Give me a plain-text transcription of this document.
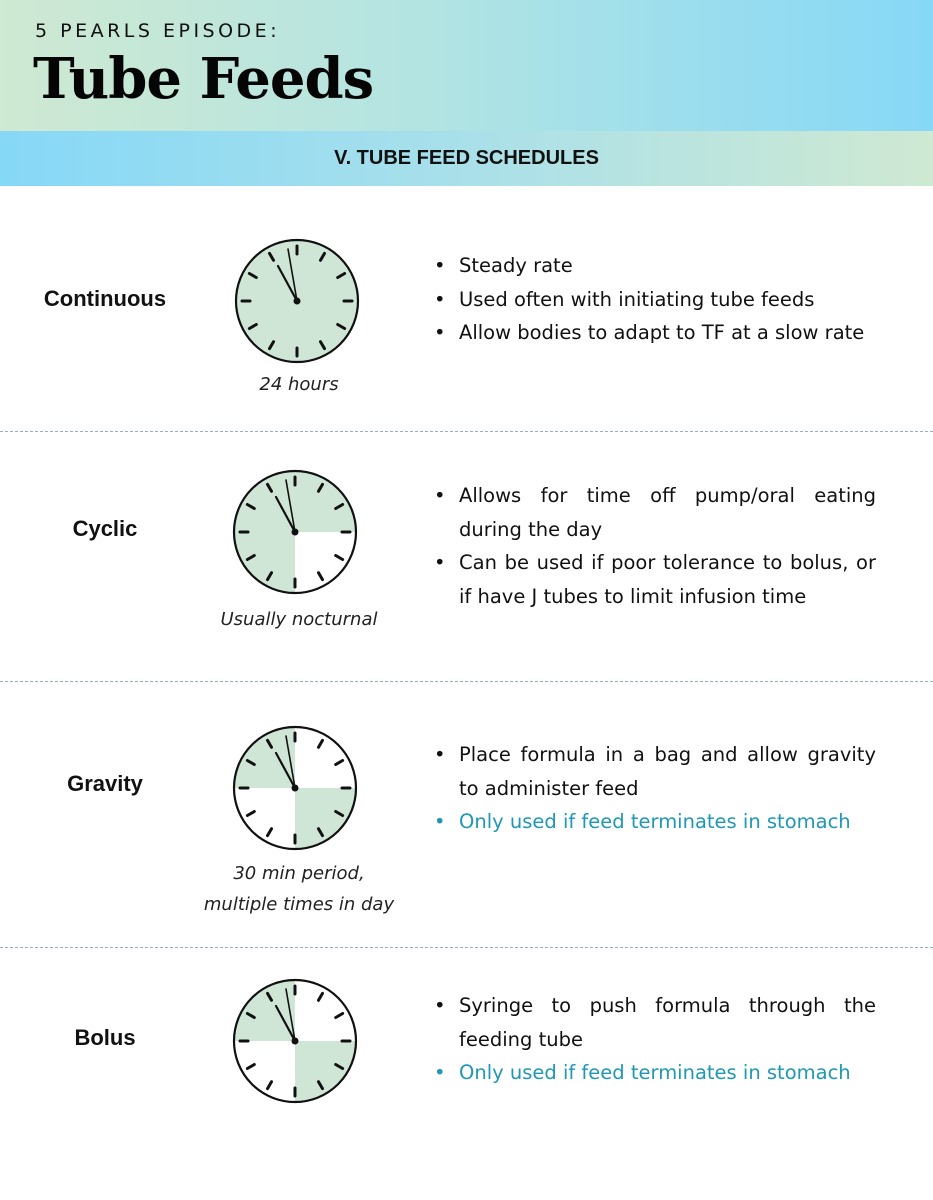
5 PEARLS EPISODE:
Tube Feeds
V. TUBE FEED SCHEDULES
Continuous
24 hours
• Steady rate
• Used often with initiating tube feeds
• Allow bodies to adapt to TF at a slow rate
Cyclic
Usually nocturnal
• Allows for time off pump/oral eating during the day
• Can be used if poor tolerance to bolus, or if have J tubes to limit infusion time
Gravity
30 min period,
multiple times in day
• Place formula in a bag and allow gravity to administer feed
• Only used if feed terminates in stomach
Bolus
• Syringe to push formula through the feeding tube
• Only used if feed terminates in stomach
